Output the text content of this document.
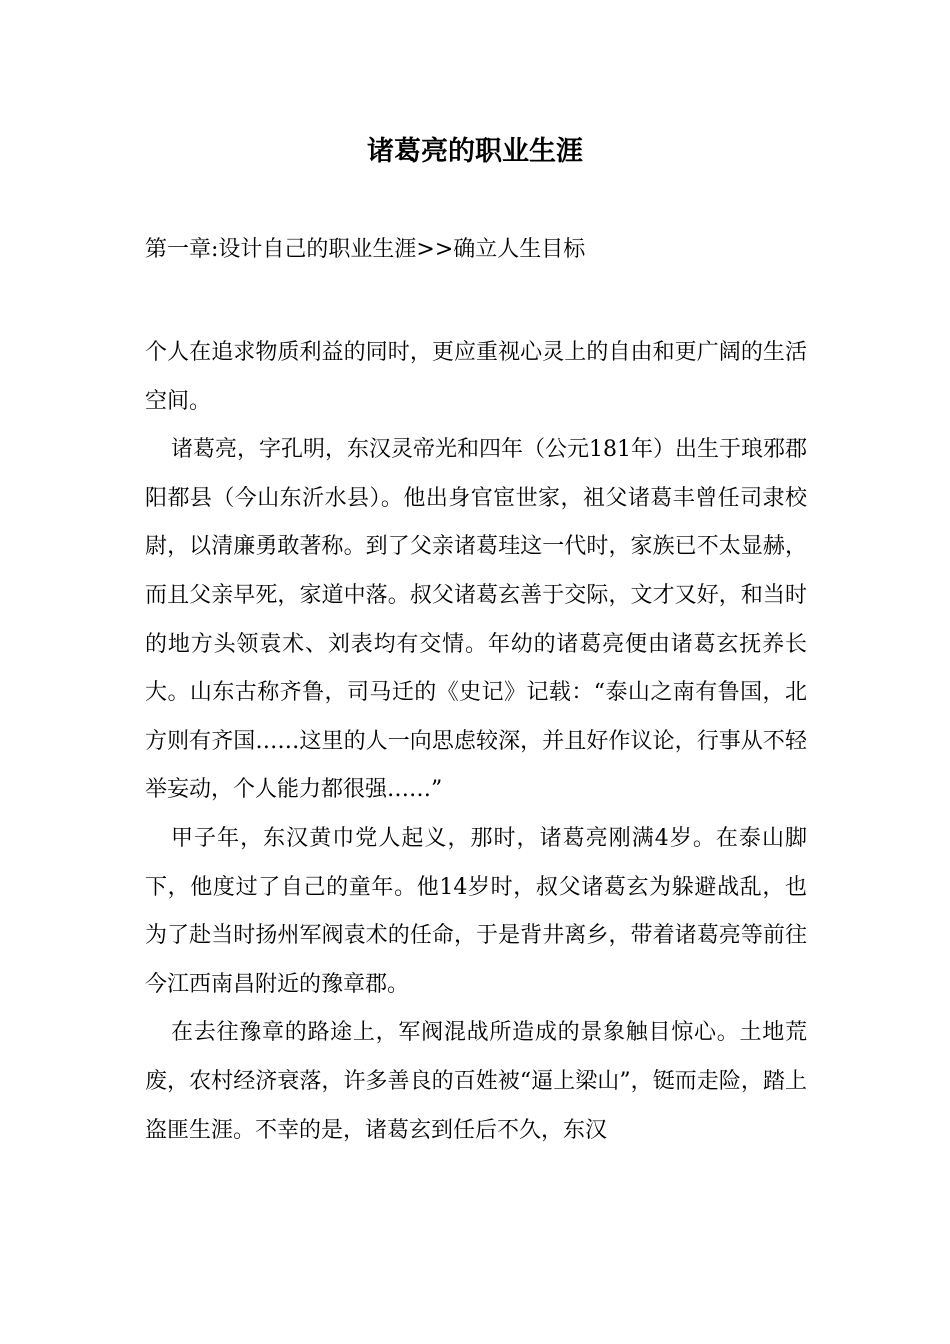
诸葛亮的职业生涯
第一章:设计自己的职业生涯>>确立人生目标

个人在追求物质利益的同时，更应重视心灵上的自由和更广阔的生活空间。

诸葛亮，字孔明，东汉灵帝光和四年（公元181年）出生于琅邪郡阳都县（今山东沂水县）。他出身官宦世家，祖父诸葛丰曾任司隶校尉，以清廉勇敢著称。到了父亲诸葛珪这一代时，家族已不太显赫，而且父亲早死，家道中落。叔父诸葛玄善于交际，文才又好，和当时的地方头领袁术、刘表均有交情。年幼的诸葛亮便由诸葛玄抚养长大。山东古称齐鲁，司马迁的《史记》记载：“泰山之南有鲁国，北方则有齐国……这里的人一向思虑较深，并且好作议论，行事从不轻举妄动，个人能力都很强……”

甲子年，东汉黄巾党人起义，那时，诸葛亮刚满4岁。在泰山脚下，他度过了自己的童年。他14岁时，叔父诸葛玄为躲避战乱，也为了赴当时扬州军阀袁术的任命，于是背井离乡，带着诸葛亮等前往今江西南昌附近的豫章郡。

在去往豫章的路途上，军阀混战所造成的景象触目惊心。土地荒废，农村经济衰落，许多善良的百姓被“逼上梁山”，铤而走险，踏上盗匪生涯。不幸的是，诸葛玄到任后不久，东汉
